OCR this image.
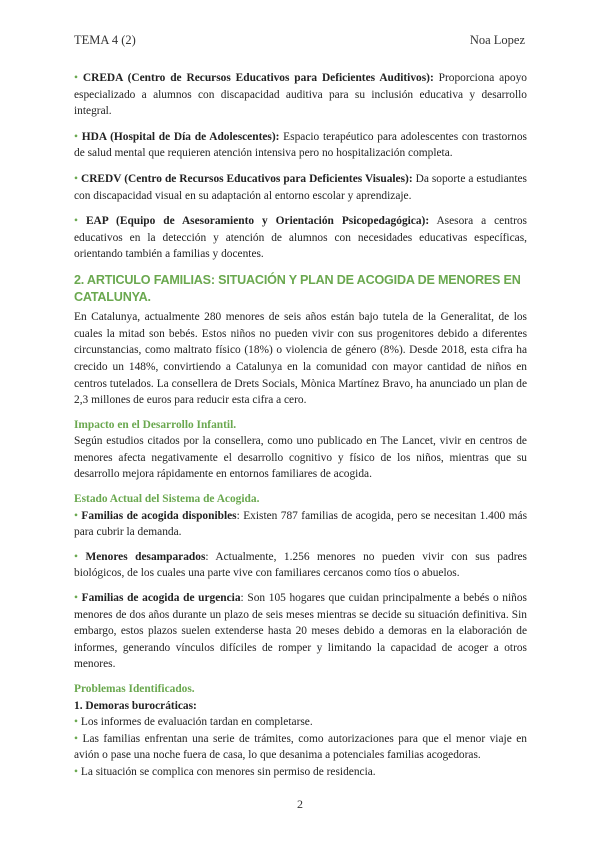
TEMA 4 (2)	Noa Lopez

• CREDA (Centro de Recursos Educativos para Deficientes Auditivos): Proporciona apoyo especializado a alumnos con discapacidad auditiva para su inclusión educativa y desarrollo integral.

• HDA (Hospital de Día de Adolescentes): Espacio terapéutico para adolescentes con trastornos de salud mental que requieren atención intensiva pero no hospitalización completa.

• CREDV (Centro de Recursos Educativos para Deficientes Visuales): Da soporte a estudiantes con discapacidad visual en su adaptación al entorno escolar y aprendizaje.

• EAP (Equipo de Asesoramiento y Orientación Psicopedagógica): Asesora a centros educativos en la detección y atención de alumnos con necesidades educativas específicas, orientando también a familias y docentes.

2. ARTICULO FAMILIAS: SITUACIÓN Y PLAN DE ACOGIDA DE MENORES EN CATALUNYA.

En Catalunya, actualmente 280 menores de seis años están bajo tutela de la Generalitat, de los cuales la mitad son bebés. Estos niños no pueden vivir con sus progenitores debido a diferentes circunstancias, como maltrato físico (18%) o violencia de género (8%). Desde 2018, esta cifra ha crecido un 148%, convirtiendo a Catalunya en la comunidad con mayor cantidad de niños en centros tutelados. La consellera de Drets Socials, Mònica Martínez Bravo, ha anunciado un plan de 2,3 millones de euros para reducir esta cifra a cero.

Impacto en el Desarrollo Infantil.

Según estudios citados por la consellera, como uno publicado en The Lancet, vivir en centros de menores afecta negativamente el desarrollo cognitivo y físico de los niños, mientras que su desarrollo mejora rápidamente en entornos familiares de acogida.

Estado Actual del Sistema de Acogida.

• Familias de acogida disponibles: Existen 787 familias de acogida, pero se necesitan 1.400 más para cubrir la demanda.

• Menores desamparados: Actualmente, 1.256 menores no pueden vivir con sus padres biológicos, de los cuales una parte vive con familiares cercanos como tíos o abuelos.

• Familias de acogida de urgencia: Son 105 hogares que cuidan principalmente a bebés o niños menores de dos años durante un plazo de seis meses mientras se decide su situación definitiva. Sin embargo, estos plazos suelen extenderse hasta 20 meses debido a demoras en la elaboración de informes, generando vínculos difíciles de romper y limitando la capacidad de acoger a otros menores.

Problemas Identificados.
1. Demoras burocráticas:
• Los informes de evaluación tardan en completarse.
• Las familias enfrentan una serie de trámites, como autorizaciones para que el menor viaje en avión o pase una noche fuera de casa, lo que desanima a potenciales familias acogedoras.
• La situación se complica con menores sin permiso de residencia.
2
